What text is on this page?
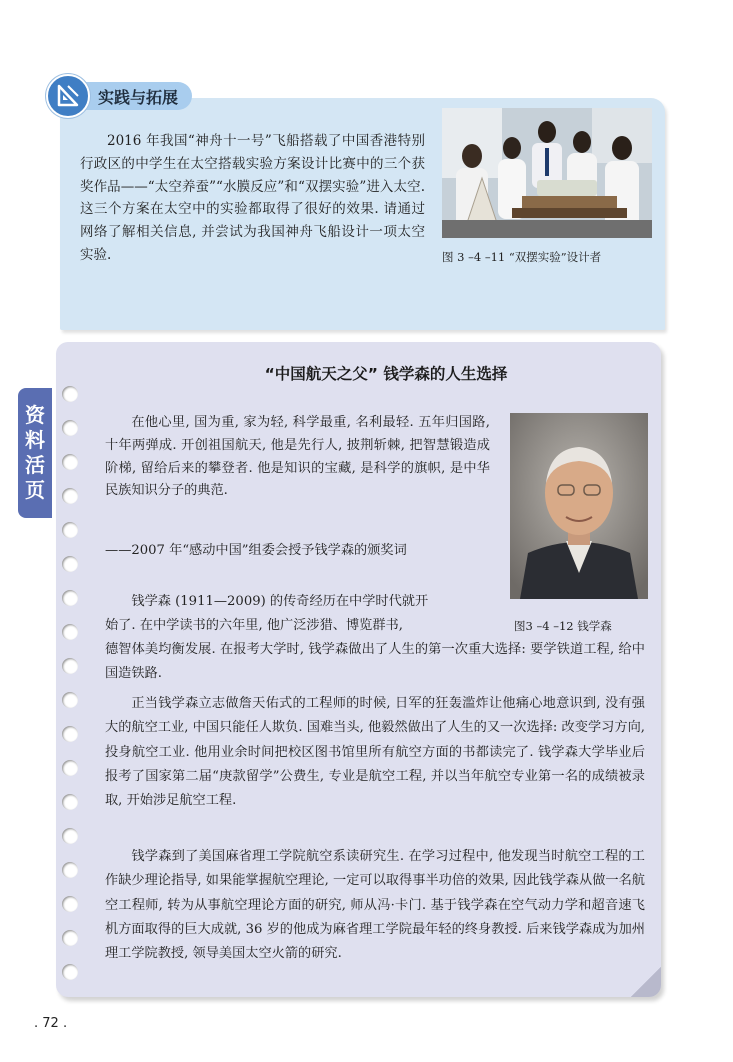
实践与拓展

2016 年我国“神舟十一号”飞船搭载了中国香港特别行政区的中学生在太空搭载实验方案设计比赛中的三个获奖作品——“太空养蚕”“水膜反应”和“双摆实验”进入太空. 这三个方案在太空中的实验都取得了很好的效果. 请通过网络了解相关信息, 并尝试为我国神舟飞船设计一项太空实验.	图 3 –4 –11 “双摆实验”设计者
资
料
活
页
“中国航天之父” 钱学森的人生选择

在他心里, 国为重, 家为轻, 科学最重, 名利最轻. 五年归国路, 十年两弹成. 开创祖国航天, 他是先行人, 披荆斩棘, 把智慧锻造成阶梯, 留给后来的攀登者. 他是知识的宝藏, 是科学的旗帜, 是中华民族知识分子的典范.

——2007 年“感动中国”组委会授予钱学森的颁奖词

图3 –4 –12 钱学森

钱学森 (1911—2009) 的传奇经历在中学时代就开

始了. 在中学读书的六年里, 他广泛涉猎、博览群书,

德智体美均衡发展. 在报考大学时, 钱学森做出了人生的第一次重大选择: 要学铁道工程, 给中国造铁路.

正当钱学森立志做詹天佑式的工程师的时候, 日军的狂轰滥炸让他痛心地意识到, 没有强大的航空工业, 中国只能任人欺负. 国难当头, 他毅然做出了人生的又一次选择: 改变学习方向, 投身航空工业. 他用业余时间把校区图书馆里所有航空方面的书都读完了. 钱学森大学毕业后报考了国家第二届“庚款留学”公费生, 专业是航空工程, 并以当年航空专业第一名的成绩被录取, 开始涉足航空工程.

钱学森到了美国麻省理工学院航空系读研究生. 在学习过程中, 他发现当时航空工程的工作缺少理论指导, 如果能掌握航空理论, 一定可以取得事半功倍的效果, 因此钱学森从做一名航空工程师, 转为从事航空理论方面的研究, 师从冯·卡门. 基于钱学森在空气动力学和超音速飞机方面取得的巨大成就, 36 岁的他成为麻省理工学院最年轻的终身教授. 后来钱学森成为加州理工学院教授, 领导美国太空火箭的研究.

. 72 .
